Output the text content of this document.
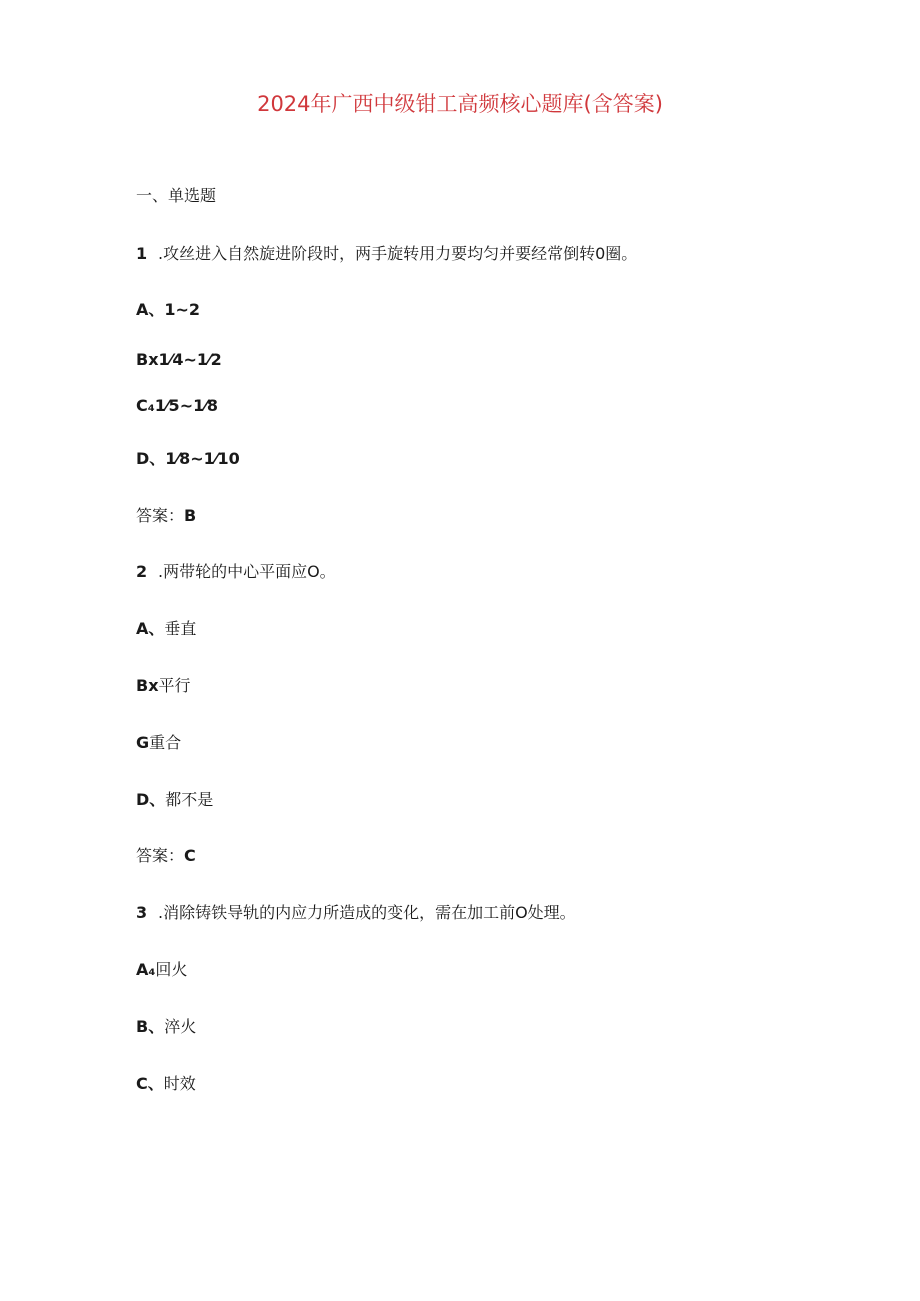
2024年广西中级钳工高频核心题库(含答案)
一、单选题
1 .攻丝进入自然旋进阶段时，两手旋转用力要均匀并要经常倒转0圈。
A、1~2
Bx1⁄4~1⁄2
C₄1⁄5~1⁄8
D、1⁄8~1⁄10
答案：B
2 .两带轮的中心平面应O。
A、垂直
Bx平行
G重合
D、都不是
答案：C
3 .消除铸铁导轨的内应力所造成的变化，需在加工前O处理。
A₄回火
B、淬火
C、时效
